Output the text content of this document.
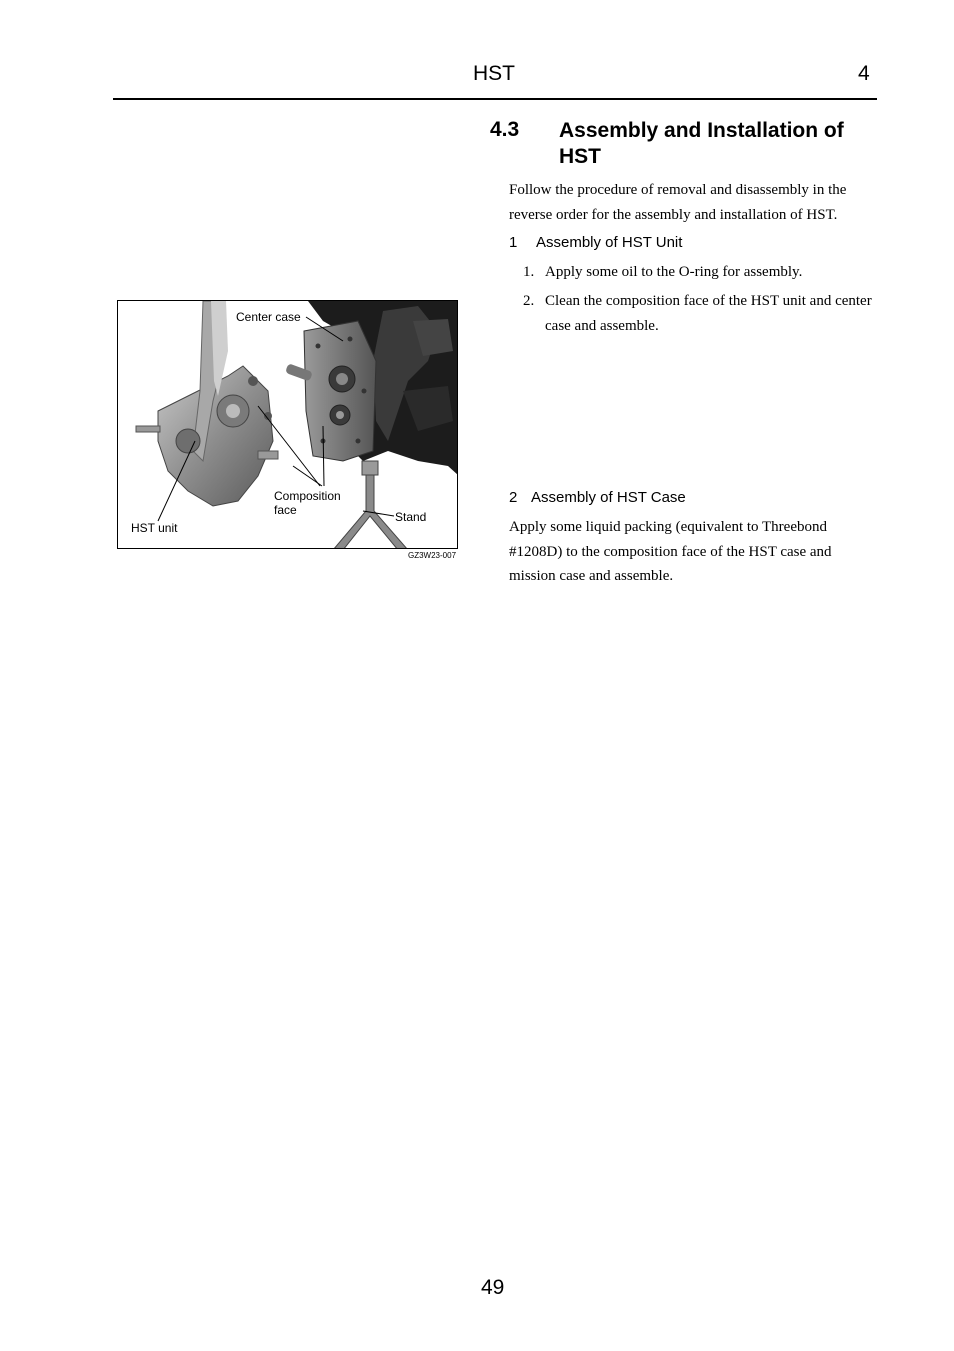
HST	4
Center case
Composition face	Stand
HST unit
GZ3W23-007
4.3 Assembly and Installation of HST
Follow the procedure of removal and disassembly in the reverse order for the assembly and installation of HST.
1 Assembly of HST Unit
1. Apply some oil to the O-ring for assembly.
2. Clean the composition face of the HST unit and center case and assemble.
2 Assembly of HST Case
Apply some liquid packing (equivalent to Threebond #1208D) to the composition face of the HST case and mission case and assemble.
49
